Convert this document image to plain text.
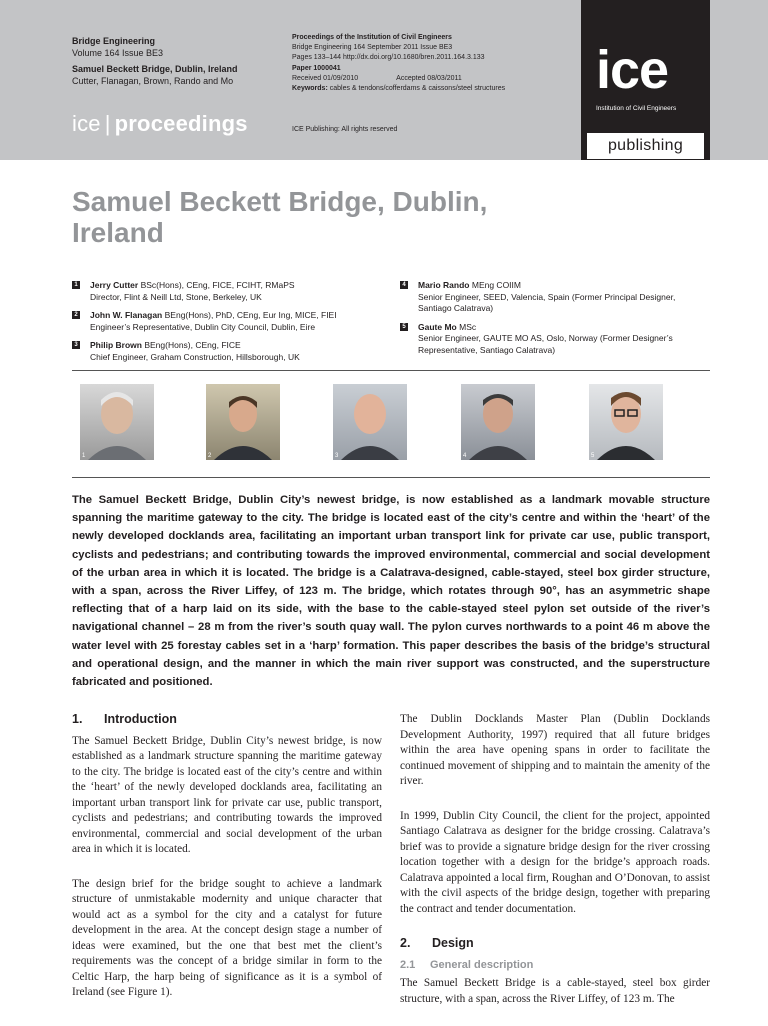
Bridge Engineering
Volume 164 Issue BE3
Samuel Beckett Bridge, Dublin, Ireland
Cutter, Flanagan, Brown, Rando and Mo
ice | proceedings
Proceedings of the Institution of Civil Engineers
Bridge Engineering 164 September 2011 Issue BE3
Pages 133–144 http://dx.doi.org/10.1680/bren.2011.164.3.133
Paper 1000041
Received 01/09/2010	Accepted 08/03/2011
Keywords: cables & tendons/cofferdams & caissons/steel structures
ICE Publishing: All rights reserved
ice
Institution of Civil Engineers
publishing
Samuel Beckett Bridge, Dublin, Ireland
1 Jerry Cutter BSc(Hons), CEng, FICE, FCIHT, RMaPS
Director, Flint & Neill Ltd, Stone, Berkeley, UK
2 John W. Flanagan BEng(Hons), PhD, CEng, Eur Ing, MICE, FIEI
Engineer’s Representative, Dublin City Council, Dublin, Eire
3 Philip Brown BEng(Hons), CEng, FICE
Chief Engineer, Graham Construction, Hillsborough, UK
4 Mario Rando MEng COIIM
Senior Engineer, SEED, Valencia, Spain (Former Principal Designer, Santiago Calatrava)
5 Gaute Mo MSc
Senior Engineer, GAUTE MO AS, Oslo, Norway (Former Designer’s Representative, Santiago Calatrava)
1	2	3	4	5
The Samuel Beckett Bridge, Dublin City’s newest bridge, is now established as a landmark movable structure spanning the maritime gateway to the city. The bridge is located east of the city’s centre and within the ‘heart’ of the newly developed docklands area, facilitating an important urban transport link for private car use, public transport, cyclists and pedestrians; and contributing towards the improved environmental, commercial and social development of the urban area in which it is located. The bridge is a Calatrava-designed, cable-stayed, steel box girder structure, with a span, across the River Liffey, of 123 m. The bridge, which rotates through 90°, has an asymmetric shape reflecting that of a harp laid on its side, with the base to the cable-stayed steel pylon set outside of the river’s navigational channel – 28 m from the river’s south quay wall. The pylon curves northwards to a point 46 m above the water level with 25 forestay cables set in a ‘harp’ formation. This paper describes the basis of the bridge’s structural and operational design, and the manner in which the main river support was constructed, and the superstructure fabricated and positioned.
1.	Introduction

The Samuel Beckett Bridge, Dublin City’s newest bridge, is now established as a landmark structure spanning the maritime gateway to the city. The bridge is located east of the city’s centre and within the ‘heart’ of the newly developed docklands area, facilitating an important urban transport link for private car use, public transport, cyclists and pedestrians; and contributing towards the improved environmental, commercial and social development of the urban area in which it is located.

The design brief for the bridge sought to achieve a landmark structure of unmistakable modernity and unique character that would act as a symbol for the city and a catalyst for future development in the area. At the concept design stage a number of ideas were examined, but the one that best met the client’s requirements was the concept of a bridge similar in form to the Celtic Harp, the harp being of significance as it is a symbol of Ireland (see Figure 1).

The Dublin Docklands Master Plan (Dublin Docklands Development Authority, 1997) required that all future bridges within the area have opening spans in order to facilitate the continued movement of shipping and to maintain the amenity of the river.

In 1999, Dublin City Council, the client for the project, appointed Santiago Calatrava as designer for the bridge crossing. Calatrava’s brief was to provide a signature bridge design for the river crossing location together with a design for the bridge’s approach roads. Calatrava appointed a local firm, Roughan and O’Donovan, to assist with the civil aspects of the bridge design, together with preparing the contract and tender documentation.

2.	Design
2.1	General description

The Samuel Beckett Bridge is a cable-stayed, steel box girder structure, with a span, across the River Liffey, of 123 m. The
